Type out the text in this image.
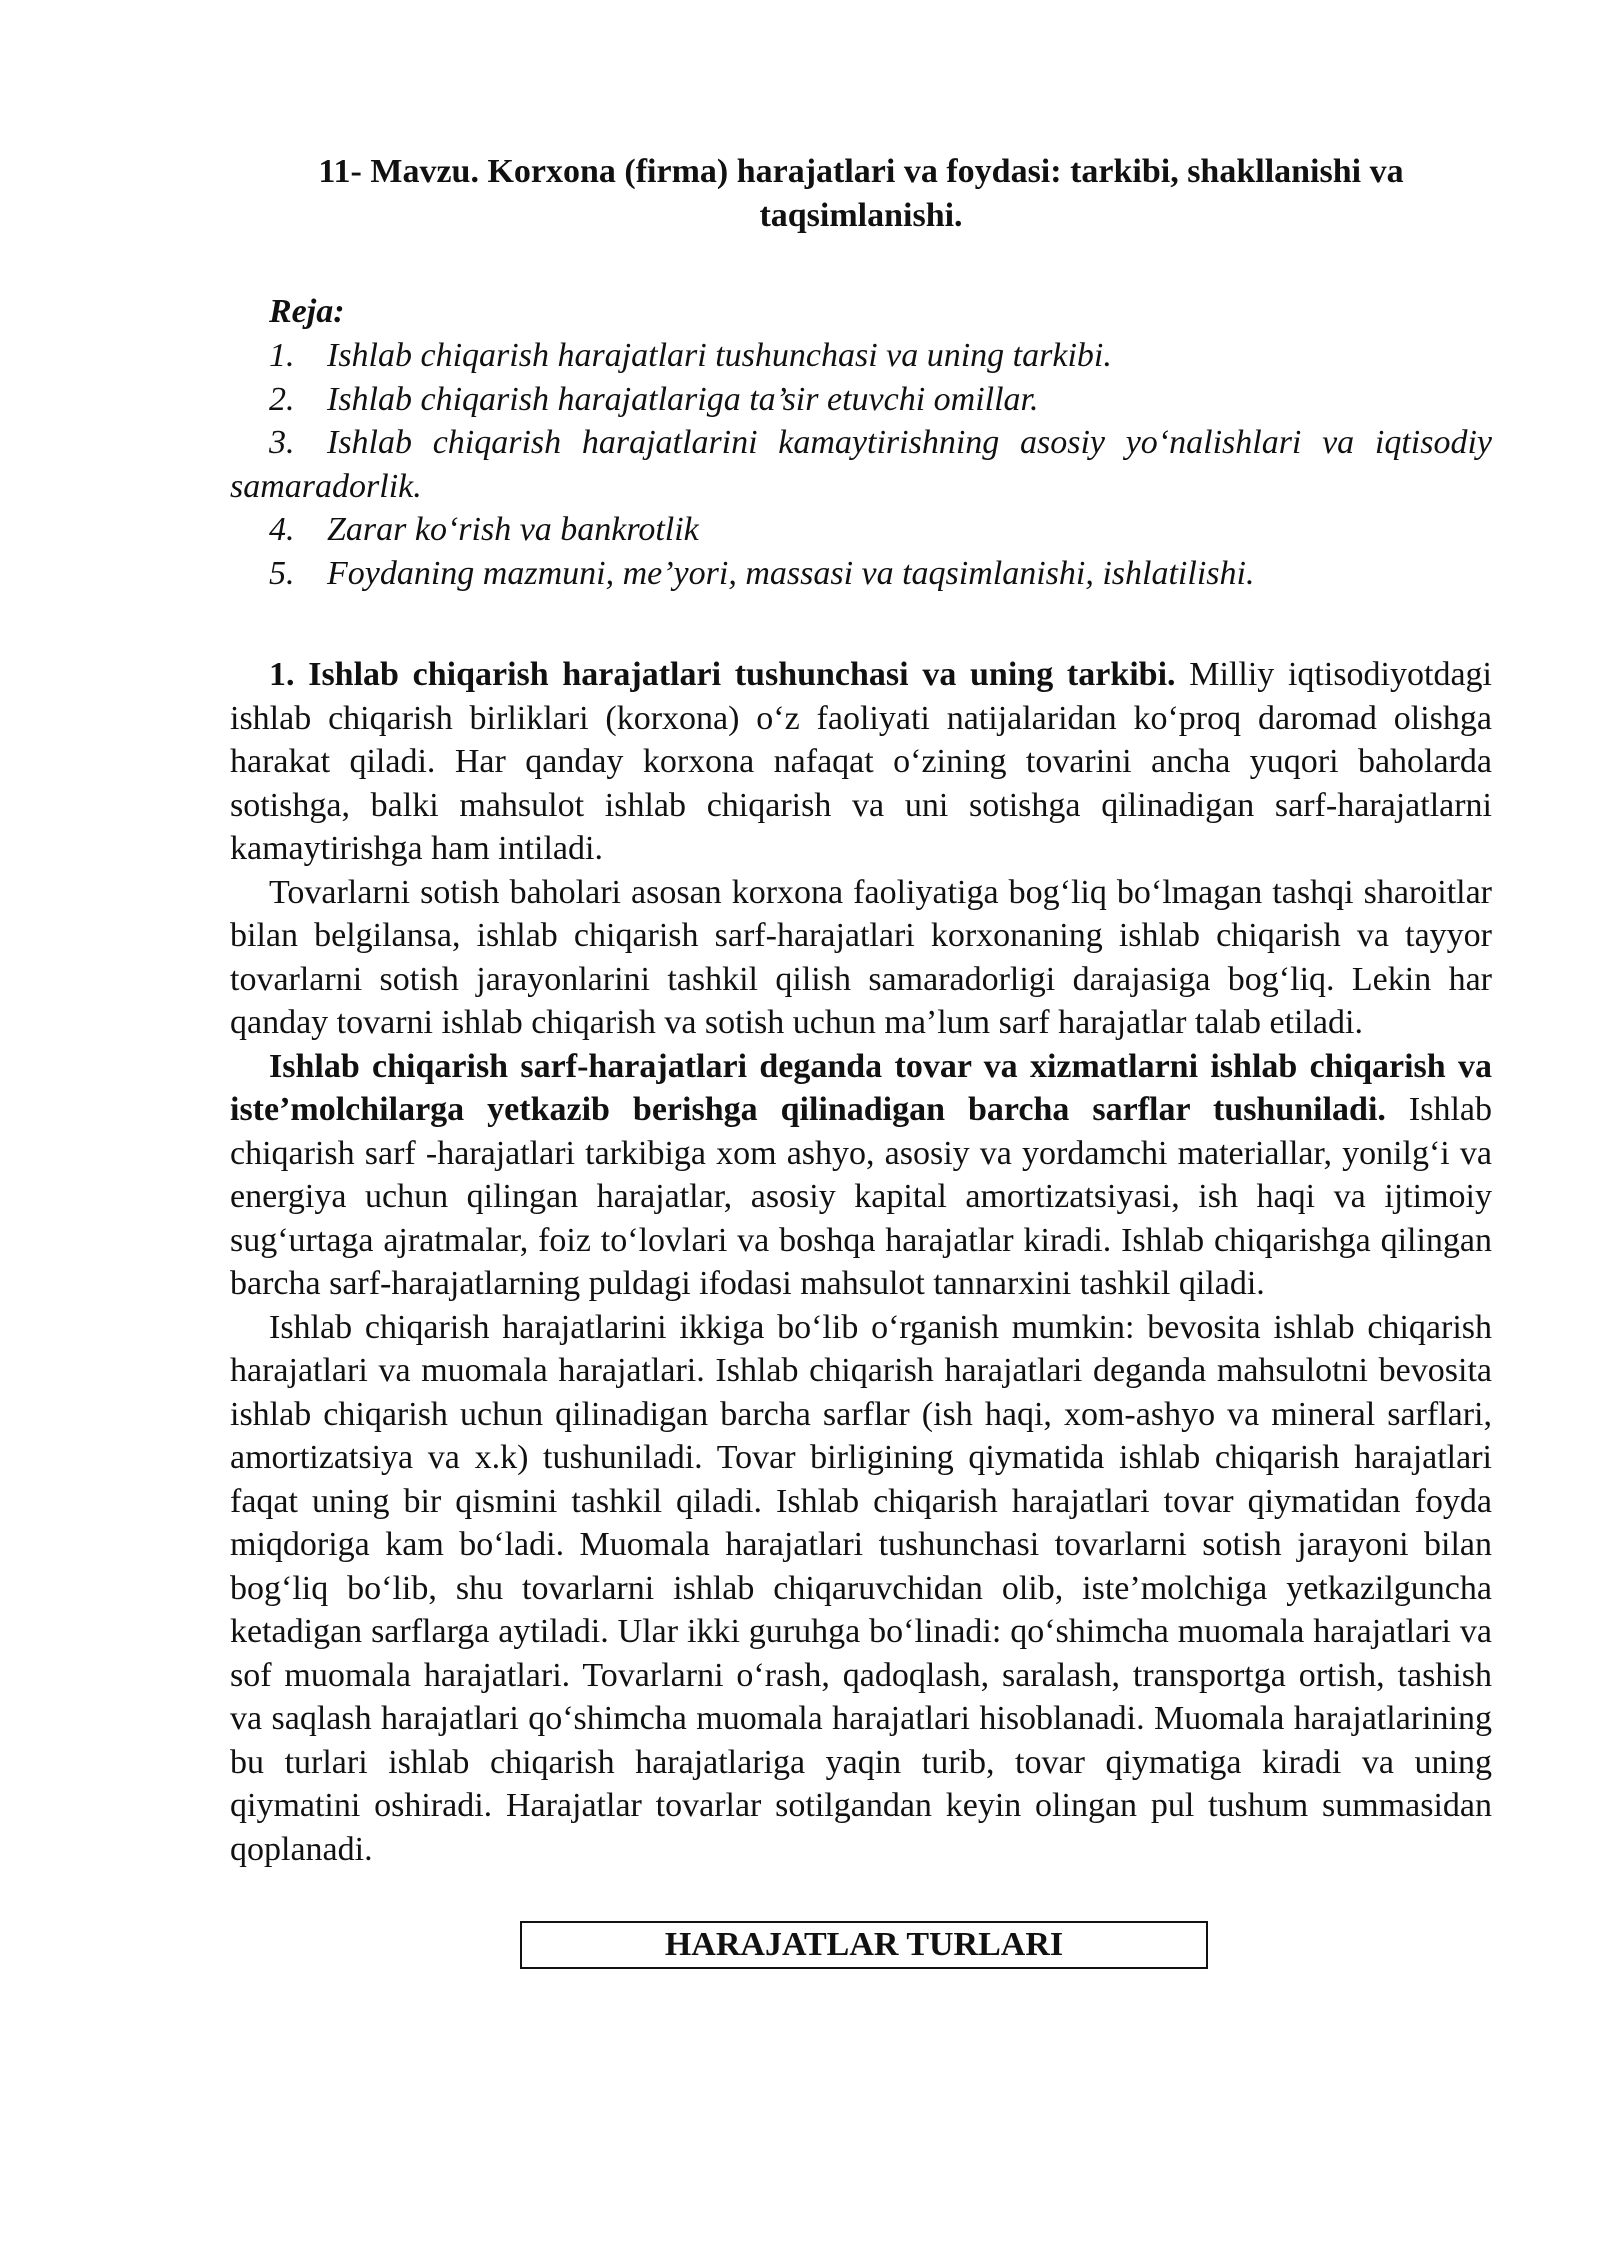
11- Mavzu. Korxona (firma) harajatlari va foydasi: tarkibi, shakllanishi va taqsimlanishi.
Reja:
1. Ishlab chiqarish harajatlari tushunchasi va uning tarkibi.
2. Ishlab chiqarish harajatlariga ta’sir etuvchi omillar.
3. Ishlab chiqarish harajatlarini kamaytirishning asosiy yo‘nalishlari va iqtisodiy samaradorlik.
4. Zarar ko‘rish va bankrotlik
5. Foydaning mazmuni, me’yori, massasi va taqsimlanishi, ishlatilishi.

1. Ishlab chiqarish harajatlari tushunchasi va uning tarkibi. Milliy iqtisodiyotdagi ishlab chiqarish birliklari (korxona) o‘z faoliyati natijalaridan ko‘proq daromad olishga harakat qiladi. Har qanday korxona nafaqat o‘zining tovarini ancha yuqori baholarda sotishga, balki mahsulot ishlab chiqarish va uni sotishga qilinadigan sarf-harajatlarni kamaytirishga ham intiladi.

Tovarlarni sotish baholari asosan korxona faoliyatiga bog‘liq bo‘lmagan tashqi sharoitlar bilan belgilansa, ishlab chiqarish sarf-harajatlari korxonaning ishlab chiqarish va tayyor tovarlarni sotish jarayonlarini tashkil qilish samaradorligi darajasiga bog‘liq. Lekin har qanday tovarni ishlab chiqarish va sotish uchun ma’lum sarf harajatlar talab etiladi.

Ishlab chiqarish sarf-harajatlari deganda tovar va xizmatlarni ishlab chiqarish va iste’molchilarga yetkazib berishga qilinadigan barcha sarflar tushuniladi. Ishlab chiqarish sarf -harajatlari tarkibiga xom ashyo, asosiy va yordamchi materiallar, yonilg‘i va energiya uchun qilingan harajatlar, asosiy kapital amortizatsiyasi, ish haqi va ijtimoiy sug‘urtaga ajratmalar, foiz to‘lovlari va boshqa harajatlar kiradi. Ishlab chiqarishga qilingan barcha sarf-harajatlarning puldagi ifodasi mahsulot tannarxini tashkil qiladi.

Ishlab chiqarish harajatlarini ikkiga bo‘lib o‘rganish mumkin: bevosita ishlab chiqarish harajatlari va muomala harajatlari. Ishlab chiqarish harajatlari deganda mahsulotni bevosita ishlab chiqarish uchun qilinadigan barcha sarflar (ish haqi, xom-ashyo va mineral sarflari, amortizatsiya va x.k) tushuniladi. Tovar birligining qiymatida ishlab chiqarish harajatlari faqat uning bir qismini tashkil qiladi. Ishlab chiqarish harajatlari tovar qiymatidan foyda miqdoriga kam bo‘ladi. Muomala harajatlari tushunchasi tovarlarni sotish jarayoni bilan bog‘liq bo‘lib, shu tovarlarni ishlab chiqaruvchidan olib, iste’molchiga yetkazilguncha ketadigan sarflarga aytiladi. Ular ikki guruhga bo‘linadi: qo‘shimcha muomala harajatlari va sof muomala harajatlari. Tovarlarni o‘rash, qadoqlash, saralash, transportga ortish, tashish va saqlash harajatlari qo‘shimcha muomala harajatlari hisoblanadi. Muomala harajatlarining bu turlari ishlab chiqarish harajatlariga yaqin turib, tovar qiymatiga kiradi va uning qiymatini oshiradi. Harajatlar tovarlar sotilgandan keyin olingan pul tushum summasidan qoplanadi.

HARAJATLAR TURLARI
